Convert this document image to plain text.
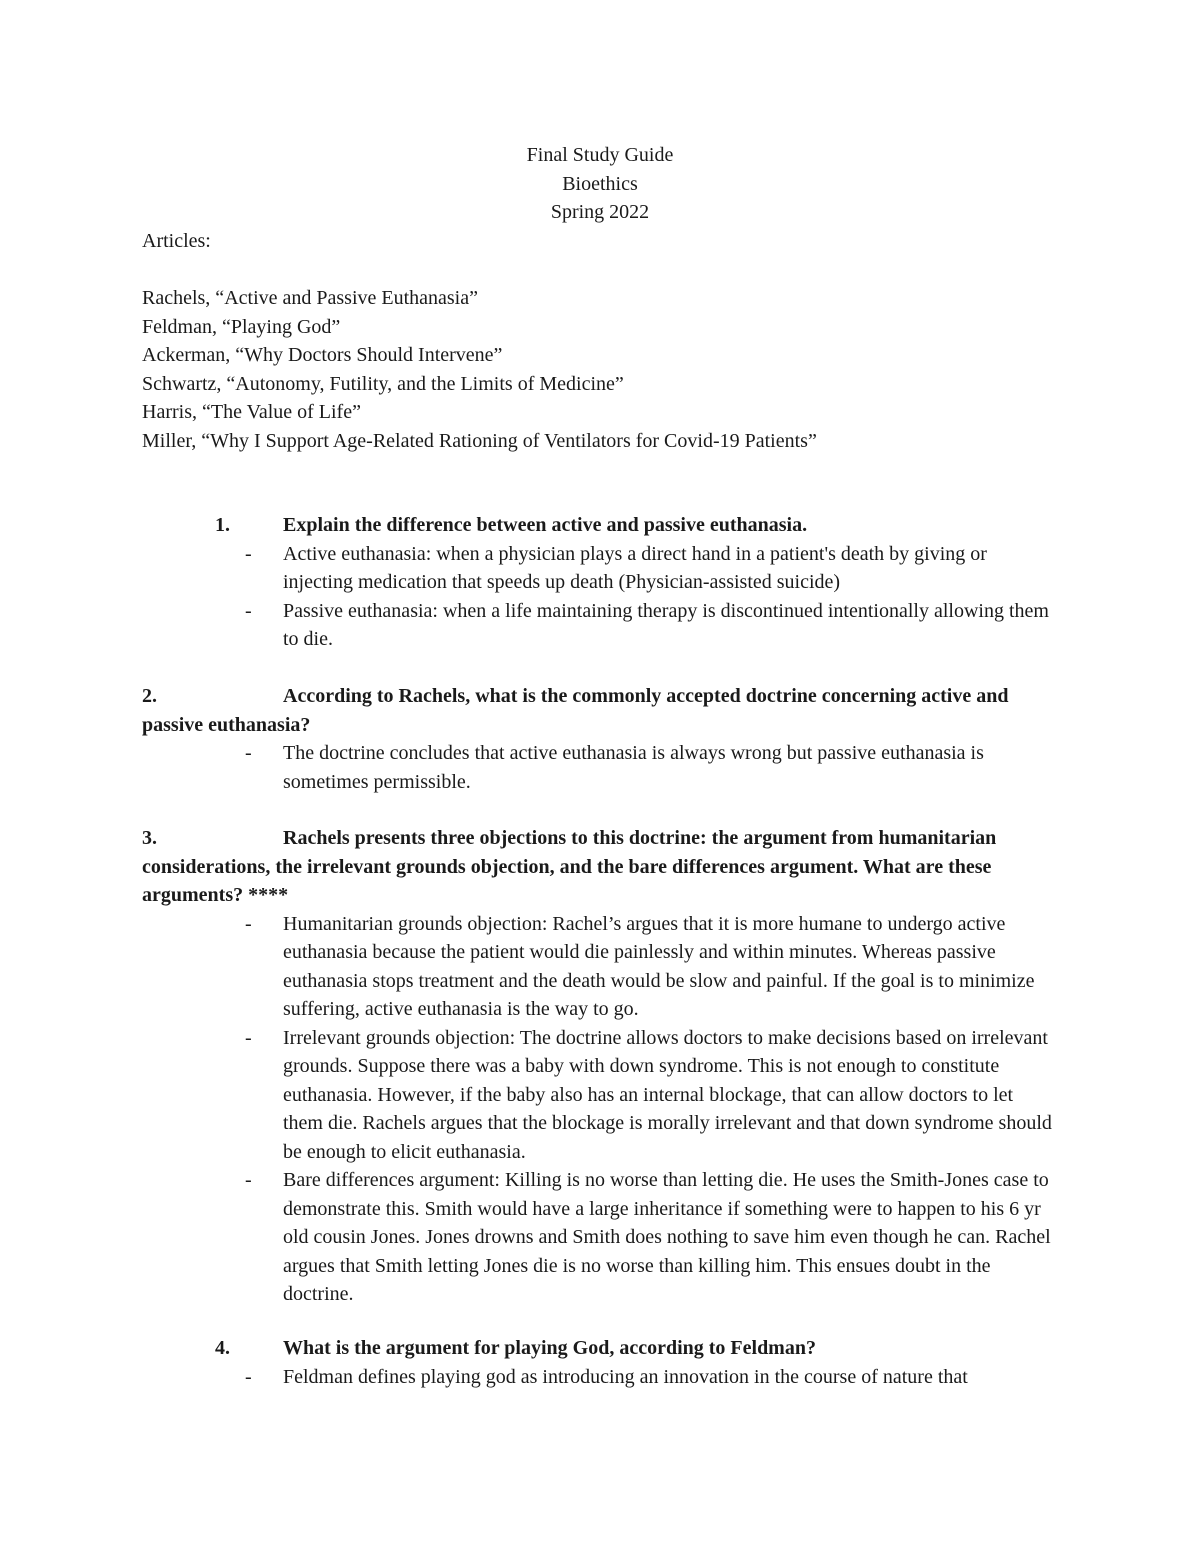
Final Study Guide
Bioethics
Spring 2022
Articles:
Rachels, “Active and Passive Euthanasia”
Feldman, “Playing God”
Ackerman, “Why Doctors Should Intervene”
Schwartz, “Autonomy, Futility, and the Limits of Medicine”
Harris, “The Value of Life”
Miller, “Why I Support Age-Related Rationing of Ventilators for Covid-19 Patients”
1.	Explain the difference between active and passive euthanasia.
- Active euthanasia: when a physician plays a direct hand in a patient's death by giving or injecting medication that speeds up death (Physician-assisted suicide)
- Passive euthanasia: when a life maintaining therapy is discontinued intentionally allowing them to die.
2.	According to Rachels, what is the commonly accepted doctrine concerning active and passive euthanasia?
- The doctrine concludes that active euthanasia is always wrong but passive euthanasia is sometimes permissible.
3.	Rachels presents three objections to this doctrine: the argument from humanitarian considerations, the irrelevant grounds objection, and the bare differences argument. What are these arguments? ****
- Humanitarian grounds objection: Rachel’s argues that it is more humane to undergo active euthanasia because the patient would die painlessly and within minutes. Whereas passive euthanasia stops treatment and the death would be slow and painful. If the goal is to minimize suffering, active euthanasia is the way to go.
- Irrelevant grounds objection: The doctrine allows doctors to make decisions based on irrelevant grounds. Suppose there was a baby with down syndrome. This is not enough to constitute euthanasia. However, if the baby also has an internal blockage, that can allow doctors to let them die. Rachels argues that the blockage is morally irrelevant and that down syndrome should be enough to elicit euthanasia.
- Bare differences argument: Killing is no worse than letting die. He uses the Smith-Jones case to demonstrate this. Smith would have a large inheritance if something were to happen to his 6 yr old cousin Jones. Jones drowns and Smith does nothing to save him even though he can. Rachel argues that Smith letting Jones die is no worse than killing him. This ensues doubt in the doctrine.
4.	What is the argument for playing God, according to Feldman?
- Feldman defines playing god as introducing an innovation in the course of nature that
